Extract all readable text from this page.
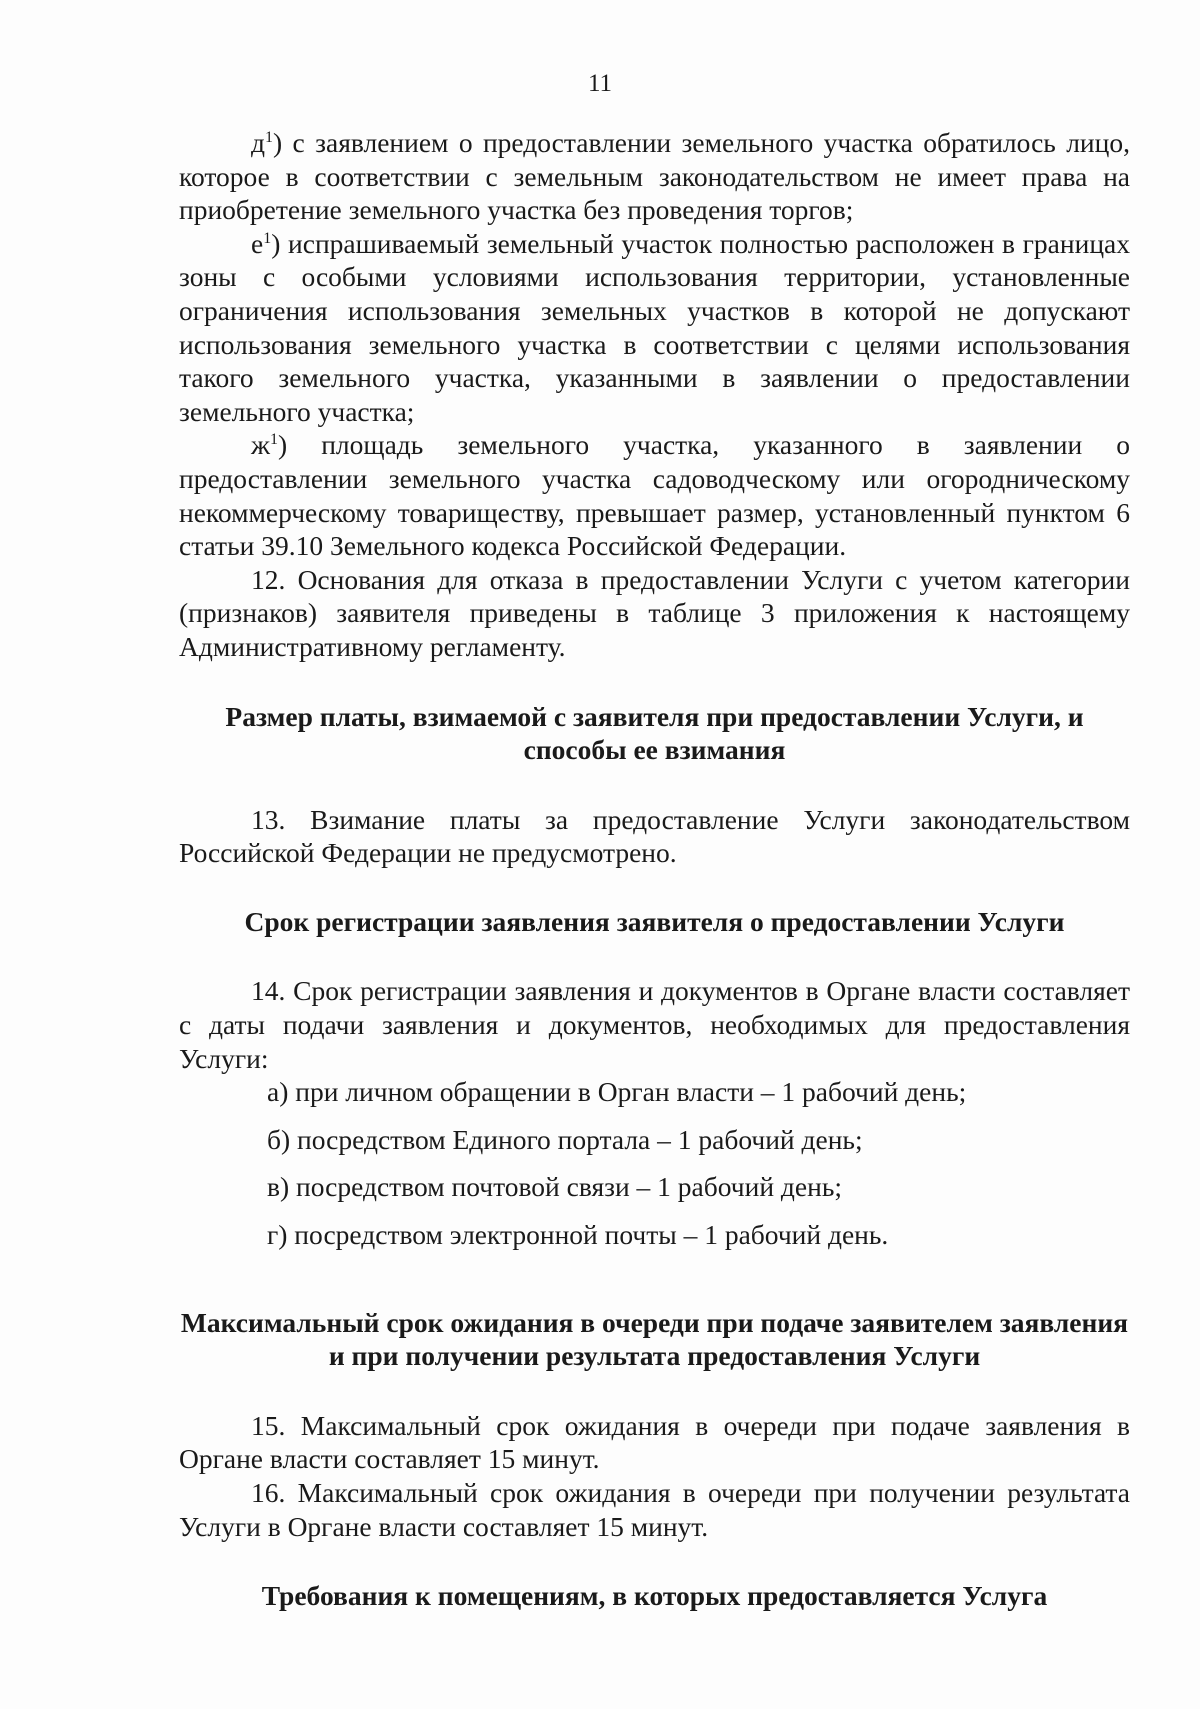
11

$д^1$) с заявлением о предоставлении земельного участка обратилось лицо, которое в соответствии с земельным законодательством не имеет права на приобретение земельного участка без проведения торгов;

$е^1$) испрашиваемый земельный участок полностью расположен в границах зоны с особыми условиями использования территории, установленные ограничения использования земельных участков в которой не допускают использования земельного участка в соответствии с целями использования такого земельного участка, указанными в заявлении о предоставлении земельного участка;

$ж^1$) площадь земельного участка, указанного в заявлении о предоставлении земельного участка садоводческому или огородническому некоммерческому товариществу, превышает размер, установленный пунктом 6 статьи 39.10 Земельного кодекса Российской Федерации.

12. Основания для отказа в предоставлении Услуги с учетом категории (признаков) заявителя приведены в таблице 3 приложения к настоящему Административному регламенту.

Размер платы, взимаемой с заявителя при предоставлении Услуги, и способы ее взимания

13. Взимание платы за предоставление Услуги законодательством Российской Федерации не предусмотрено.

Срок регистрации заявления заявителя о предоставлении Услуги

14. Срок регистрации заявления и документов в Органе власти составляет с даты подачи заявления и документов, необходимых для предоставления Услуги:

а) при личном обращении в Орган власти – 1 рабочий день;

б) посредством Единого портала – 1 рабочий день;

в) посредством почтовой связи – 1 рабочий день;

г) посредством электронной почты – 1 рабочий день.

Максимальный срок ожидания в очереди при подаче заявителем заявления и при получении результата предоставления Услуги

15. Максимальный срок ожидания в очереди при подаче заявления в Органе власти составляет 15 минут.

16. Максимальный срок ожидания в очереди при получении результата Услуги в Органе власти составляет 15 минут.

Требования к помещениям, в которых предоставляется Услуга
